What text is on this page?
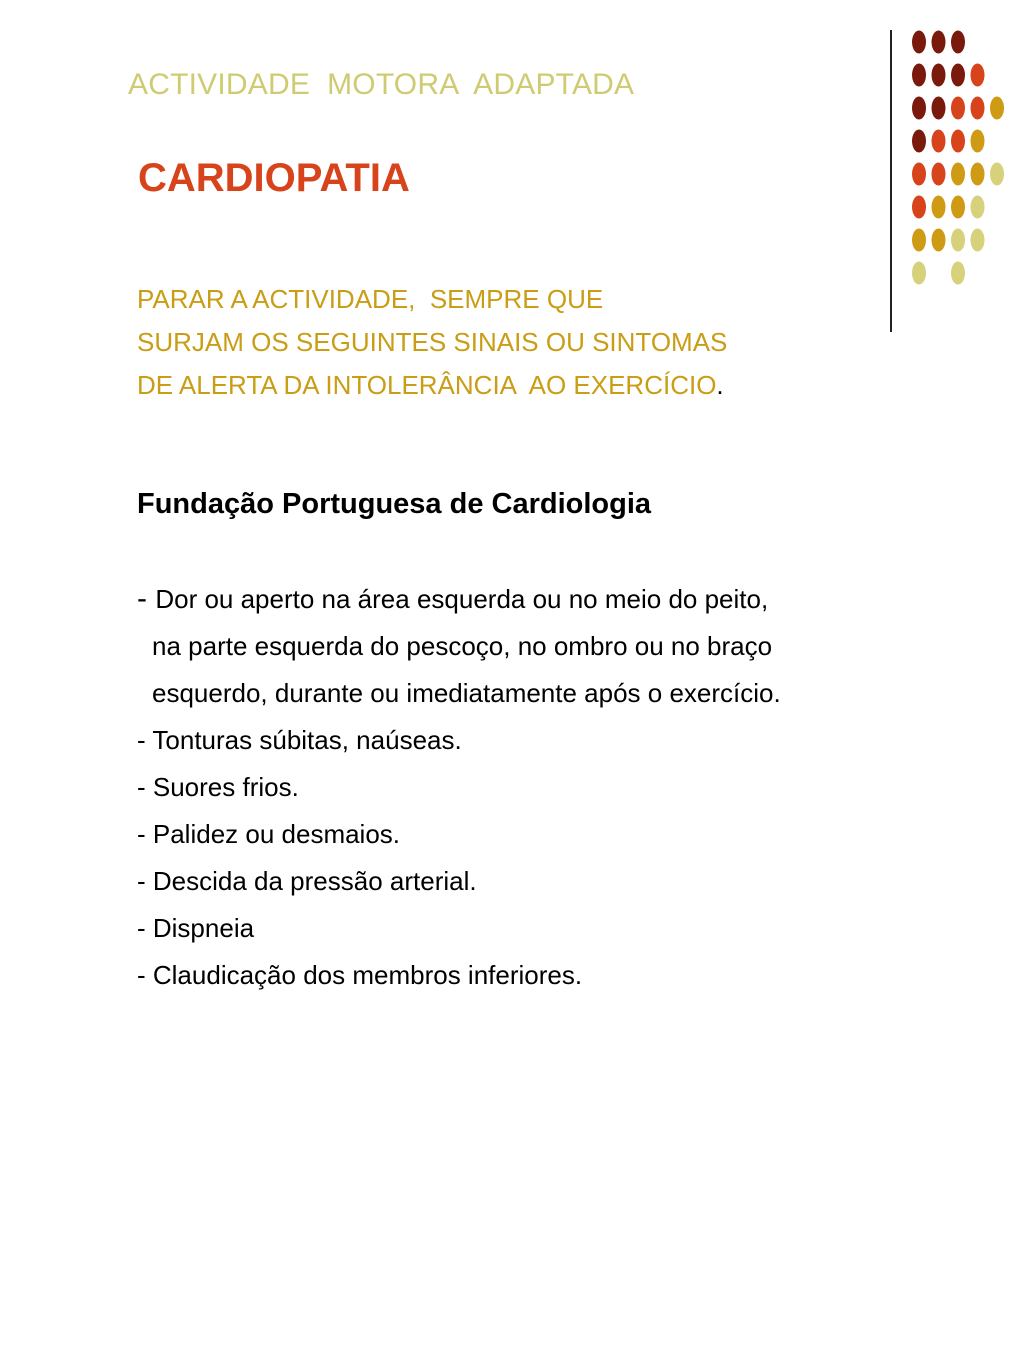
ACTIVIDADE  MOTORA  ADAPTADA
CARDIOPATIA
PARAR A ACTIVIDADE,  SEMPRE QUE
SURJAM OS SEGUINTES SINAIS OU SINTOMAS
DE ALERTA DA INTOLERÂNCIA  AO EXERCÍCIO.
Fundação Portuguesa de Cardiologia
- Dor ou aperto na área esquerda ou no meio do peito,
na parte esquerda do pescoço, no ombro ou no braço
esquerdo, durante ou imediatamente após o exercício.
- Tonturas súbitas, naúseas.
- Suores frios.
- Palidez ou desmaios.
- Descida da pressão arterial.
- Dispneia
- Claudicação dos membros inferiores.
